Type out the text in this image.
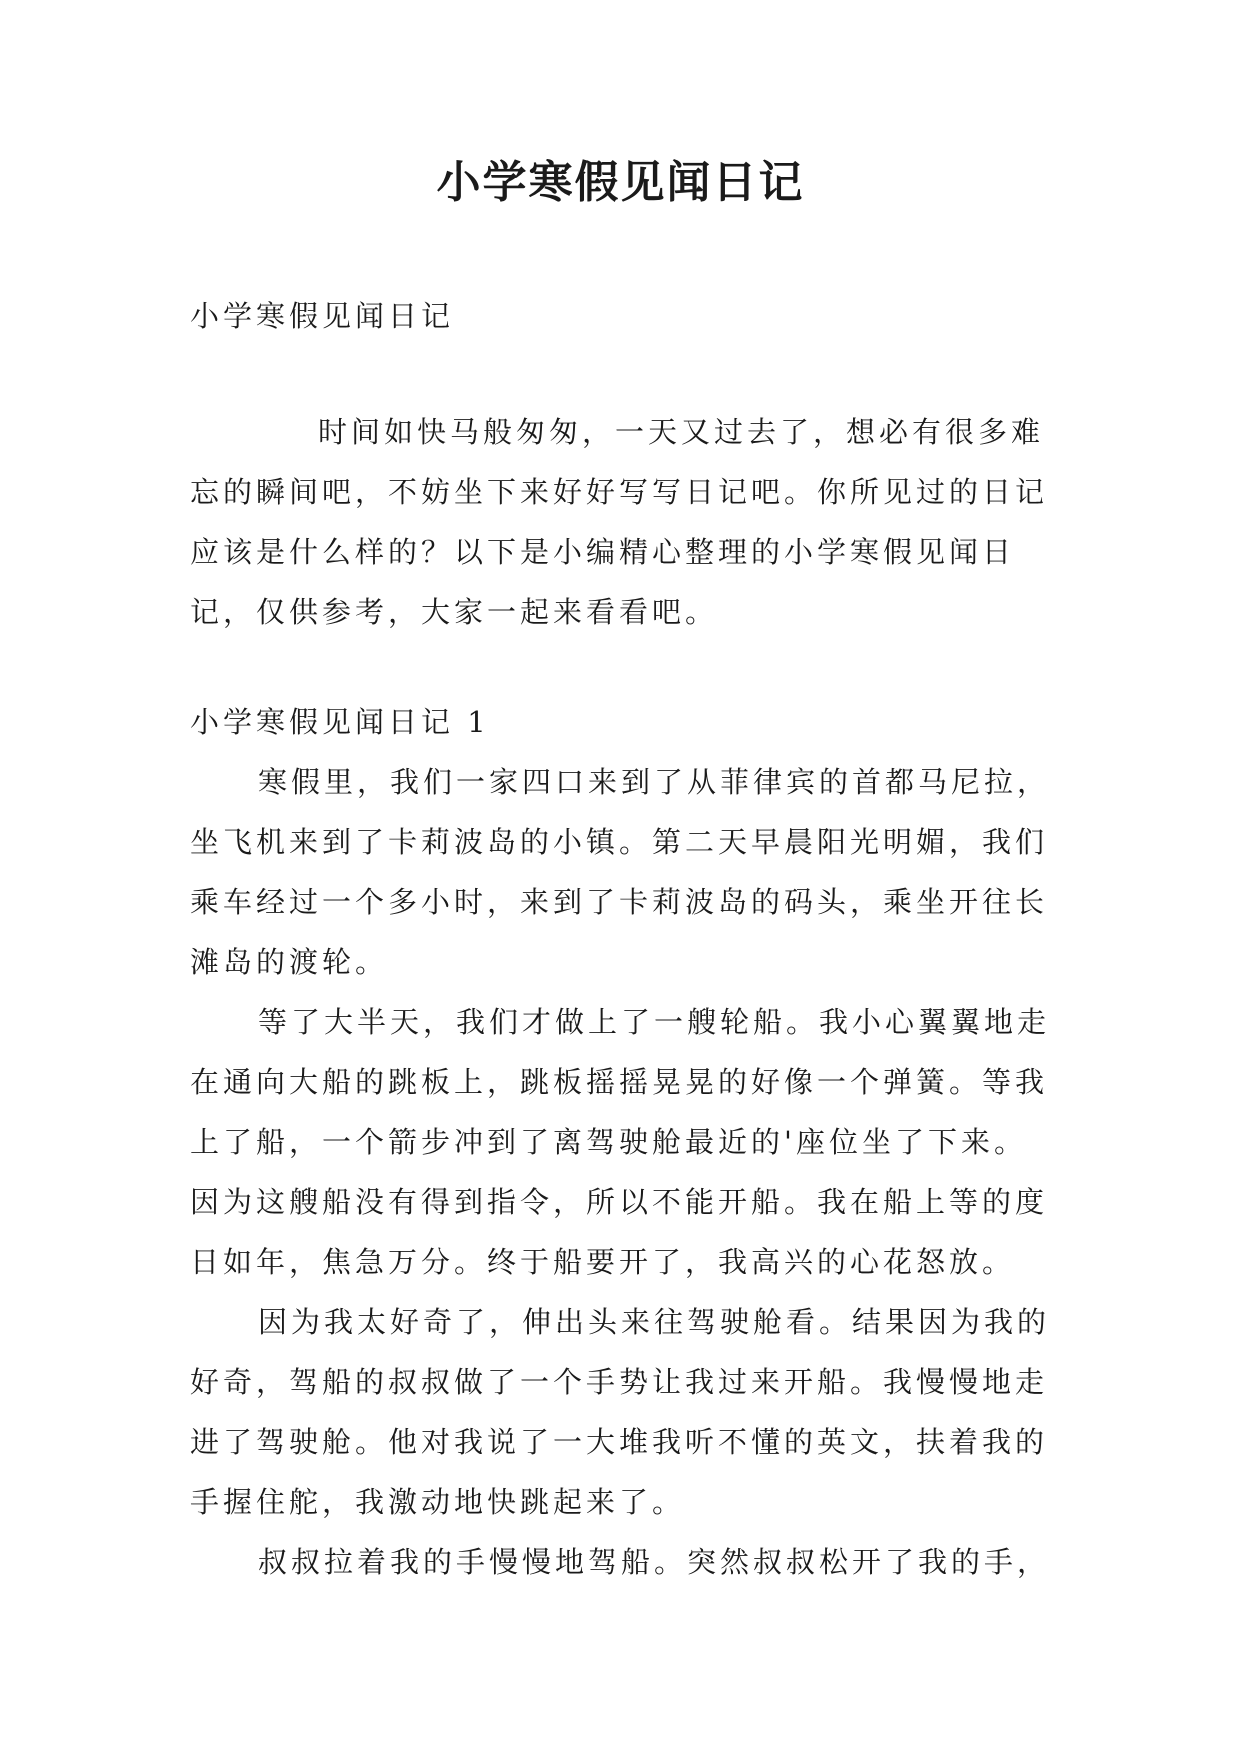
小学寒假见闻日记
小学寒假见闻日记

时间如快马般匆匆，一天又过去了，想必有很多难忘的瞬间吧，不妨坐下来好好写写日记吧。你所见过的日记应该是什么样的？以下是小编精心整理的小学寒假见闻日记，仅供参考，大家一起来看看吧。

小学寒假见闻日记 1

寒假里，我们一家四口来到了从菲律宾的首都马尼拉，坐飞机来到了卡莉波岛的小镇。第二天早晨阳光明媚，我们乘车经过一个多小时，来到了卡莉波岛的码头，乘坐开往长滩岛的渡轮。

等了大半天，我们才做上了一艘轮船。我小心翼翼地走在通向大船的跳板上，跳板摇摇晃晃的好像一个弹簧。等我上了船，一个箭步冲到了离驾驶舱最近的'座位坐了下来。因为这艘船没有得到指令，所以不能开船。我在船上等的度日如年，焦急万分。终于船要开了，我高兴的心花怒放。

因为我太好奇了，伸出头来往驾驶舱看。结果因为我的好奇，驾船的叔叔做了一个手势让我过来开船。我慢慢地走进了驾驶舱。他对我说了一大堆我听不懂的英文，扶着我的手握住舵，我激动地快跳起来了。

叔叔拉着我的手慢慢地驾船。突然叔叔松开了我的手，
